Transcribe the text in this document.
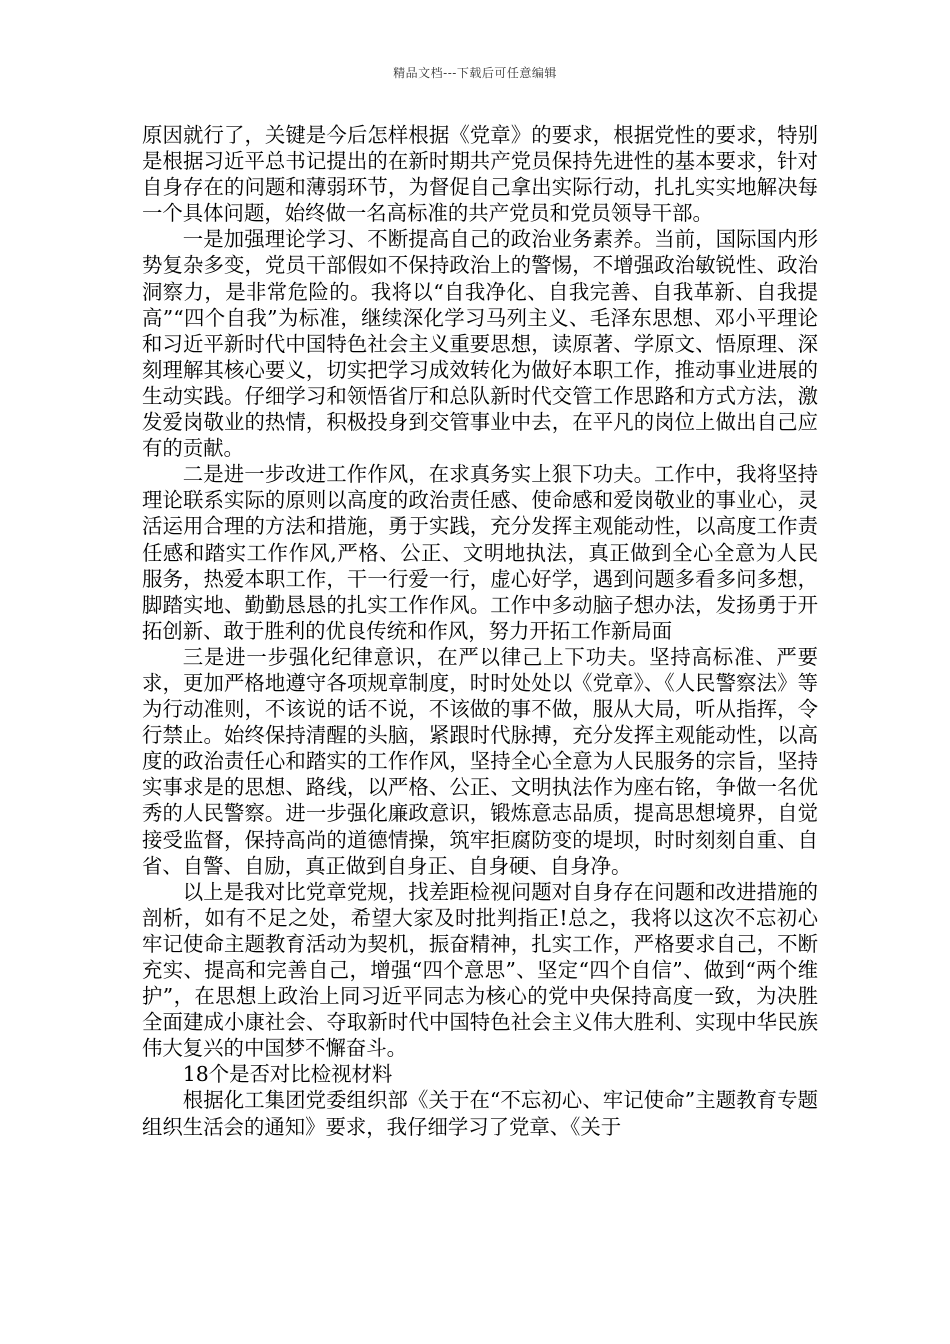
精品文档---下载后可任意编辑

原因就行了，关键是今后怎样根据《党章》的要求，根据党性的要求，特别是根据习近平总书记提出的在新时期共产党员保持先进性的基本要求，针对自身存在的问题和薄弱环节，为督促自己拿出实际行动，扎扎实实地解决每一个具体问题，始终做一名高标准的共产党员和党员领导干部。

一是加强理论学习、不断提高自己的政治业务素养。当前，国际国内形势复杂多变，党员干部假如不保持政治上的警惕，不增强政治敏锐性、政治洞察力，是非常危险的。我将以“自我净化、自我完善、自我革新、自我提高”“四个自我”为标准，继续深化学习马列主义、毛泽东思想、邓小平理论和习近平新时代中国特色社会主义重要思想，读原著、学原文、悟原理、深刻理解其核心要义，切实把学习成效转化为做好本职工作，推动事业进展的生动实践。仔细学习和领悟省厅和总队新时代交管工作思路和方式方法，激发爱岗敬业的热情，积极投身到交管事业中去，在平凡的岗位上做出自己应有的贡献。

二是进一步改进工作作风，在求真务实上狠下功夫。工作中，我将坚持理论联系实际的原则以高度的政治责任感、使命感和爱岗敬业的事业心，灵活运用合理的方法和措施，勇于实践，充分发挥主观能动性，以高度工作责任感和踏实工作作风,严格、公正、文明地执法，真正做到全心全意为人民服务，热爱本职工作，干一行爱一行，虚心好学，遇到问题多看多问多想，脚踏实地、勤勤恳恳的扎实工作作风。工作中多动脑子想办法，发扬勇于开拓创新、敢于胜利的优良传统和作风，努力开拓工作新局面

三是进一步强化纪律意识，在严以律己上下功夫。坚持高标准、严要求，更加严格地遵守各项规章制度，时时处处以《党章》、《人民警察法》等为行动准则，不该说的话不说，不该做的事不做，服从大局，听从指挥，令行禁止。始终保持清醒的头脑，紧跟时代脉搏，充分发挥主观能动性，以高度的政治责任心和踏实的工作作风，坚持全心全意为人民服务的宗旨，坚持实事求是的思想、路线，以严格、公正、文明执法作为座右铭，争做一名优秀的人民警察。进一步强化廉政意识，锻炼意志品质，提高思想境界，自觉接受监督，保持高尚的道德情操，筑牢拒腐防变的堤坝，时时刻刻自重、自省、自警、自励，真正做到自身正、自身硬、自身净。

以上是我对比党章党规，找差距检视问题对自身存在问题和改进措施的剖析，如有不足之处，希望大家及时批判指正!总之，我将以这次不忘初心牢记使命主题教育活动为契机，振奋精神，扎实工作，严格要求自己，不断充实、提高和完善自己，增强“四个意思”、坚定“四个自信”、做到“两个维护”，在思想上政治上同习近平同志为核心的党中央保持高度一致，为决胜全面建成小康社会、夺取新时代中国特色社会主义伟大胜利、实现中华民族伟大复兴的中国梦不懈奋斗。

18个是否对比检视材料

根据化工集团党委组织部《关于在“不忘初心、牢记使命”主题教育专题组织生活会的通知》要求，我仔细学习了党章、《关于
